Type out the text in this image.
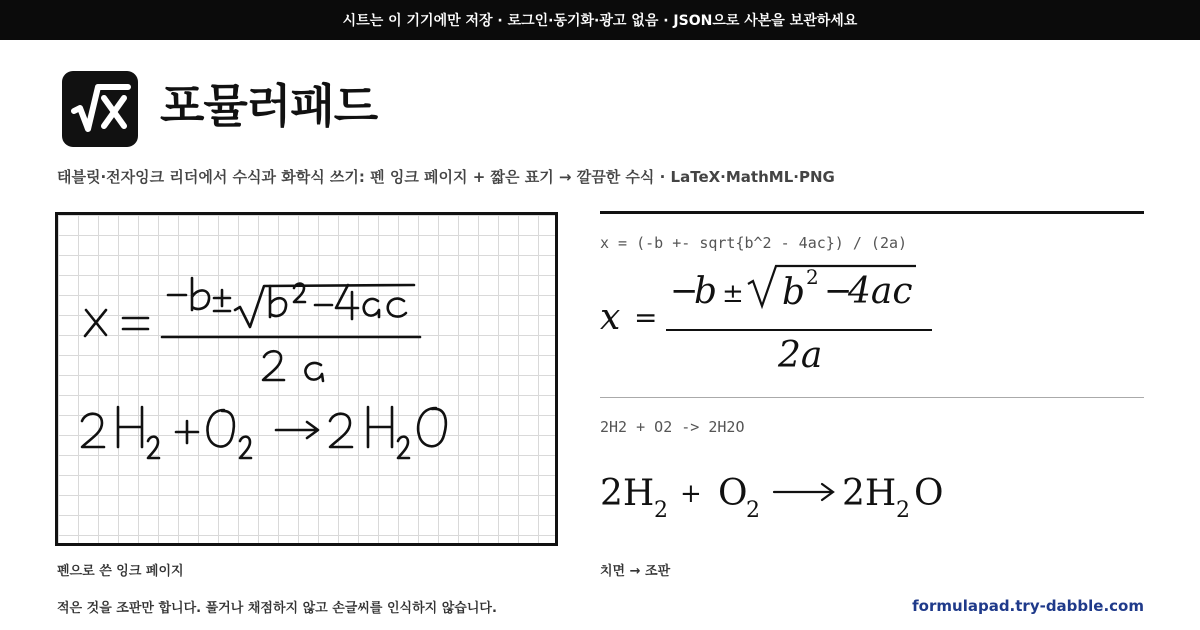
시트는 이 기기에만 저장 · 로그인·동기화·광고 없음 · JSON으로 사본을 보관하세요
포뮬러패드
태블릿·전자잉크 리더에서 수식과 화학식 쓰기: 펜 잉크 페이지 + 짧은 표기 → 깔끔한 수식 · LaTeX·MathML·PNG
펜으로 쓴 잉크 페이지
x = (-b +- sqrt{b^2 - 4ac}) / (2a)
x =
−
b ± b 2 −
4ac
2a
2H2 + O2 -> 2H2O
2H 2
+ O
2 2H 2 O
치면 → 조판
적은 것을 조판만 합니다. 풀거나 채점하지 않고 손글씨를 인식하지 않습니다.	formulapad.try-dabble.com
